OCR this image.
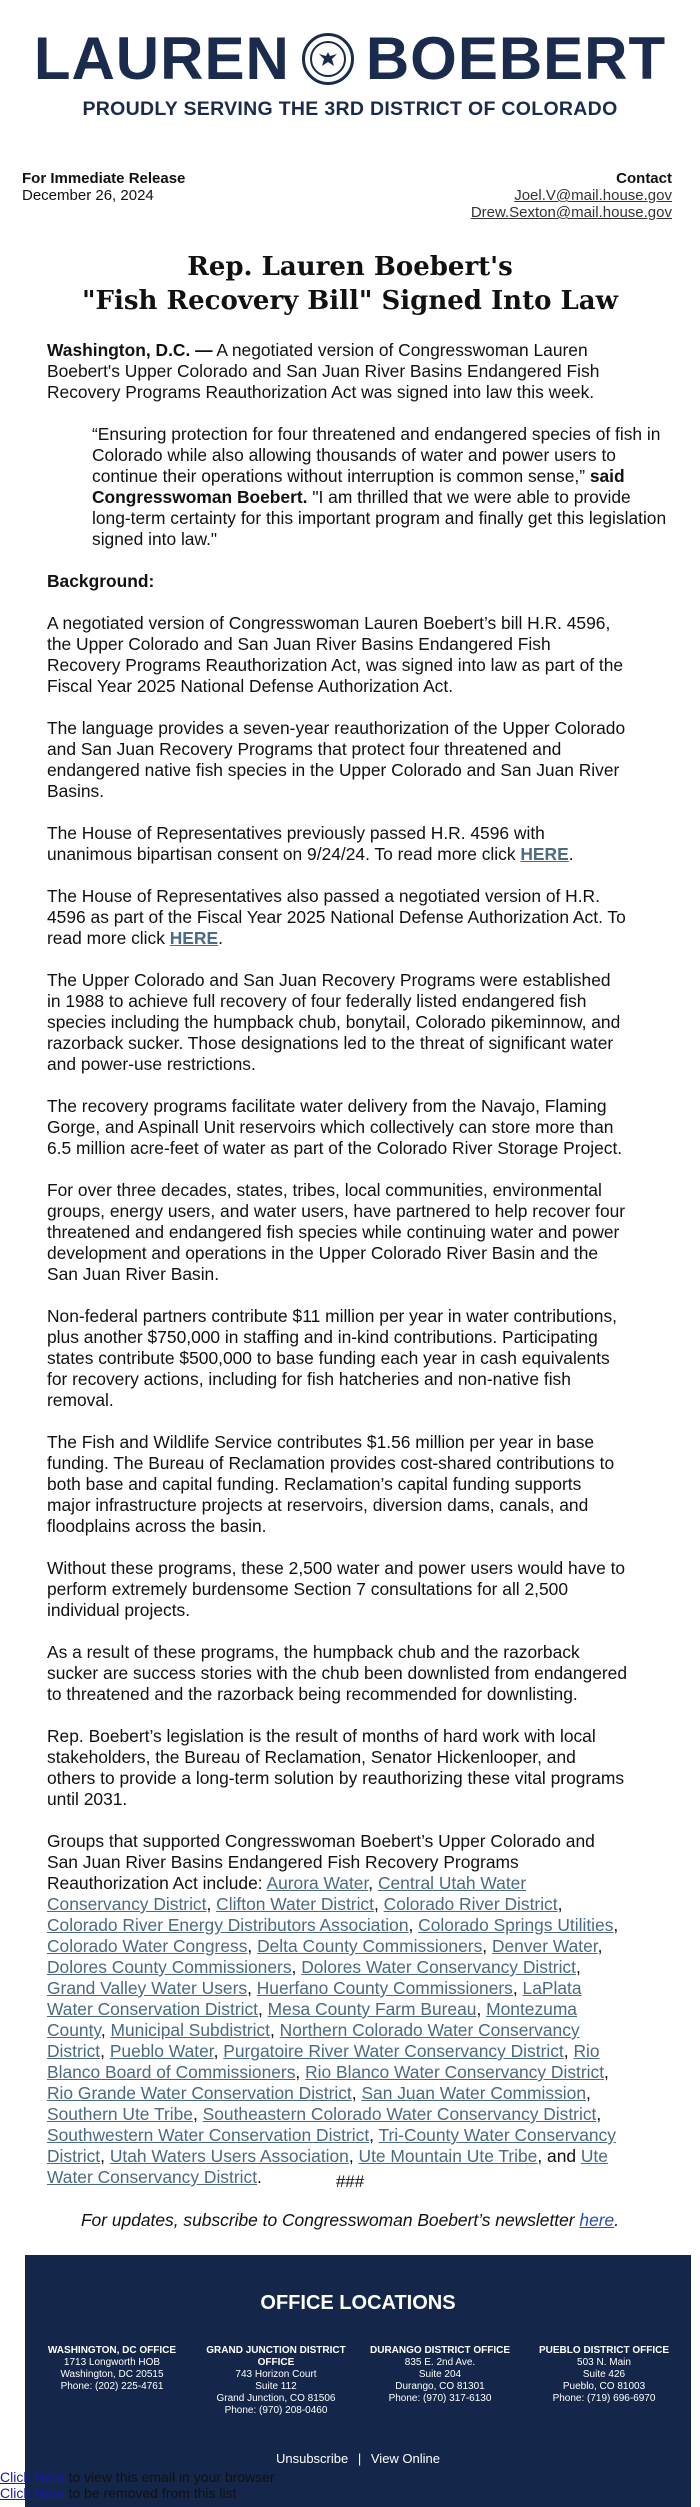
LAUREN BOEBERT
PROUDLY SERVING THE 3RD DISTRICT OF COLORADO
For Immediate Release
December 26, 2024
Contact
Joel.V@mail.house.gov
Drew.Sexton@mail.house.gov
Rep. Lauren Boebert's
"Fish Recovery Bill" Signed Into Law

Washington, D.C. — A negotiated version of Congresswoman Lauren Boebert's Upper Colorado and San Juan River Basins Endangered Fish Recovery Programs Reauthorization Act was signed into law this week.

“Ensuring protection for four threatened and endangered species of fish in Colorado while also allowing thousands of water and power users to continue their operations without interruption is common sense,” said Congresswoman Boebert. "I am thrilled that we were able to provide long-term certainty for this important program and finally get this legislation signed into law."

Background:

A negotiated version of Congresswoman Lauren Boebert’s bill H.R. 4596, the Upper Colorado and San Juan River Basins Endangered Fish Recovery Programs Reauthorization Act, was signed into law as part of the Fiscal Year 2025 National Defense Authorization Act.

The language provides a seven-year reauthorization of the Upper Colorado and San Juan Recovery Programs that protect four threatened and endangered native fish species in the Upper Colorado and San Juan River Basins.

The House of Representatives previously passed H.R. 4596 with unanimous bipartisan consent on 9/24/24. To read more click HERE.

The House of Representatives also passed a negotiated version of H.R. 4596 as part of the Fiscal Year 2025 National Defense Authorization Act. To read more click HERE.

The Upper Colorado and San Juan Recovery Programs were established in 1988 to achieve full recovery of four federally listed endangered fish species including the humpback chub, bonytail, Colorado pikeminnow, and razorback sucker. Those designations led to the threat of significant water and power-use restrictions.

The recovery programs facilitate water delivery from the Navajo, Flaming Gorge, and Aspinall Unit reservoirs which collectively can store more than 6.5 million acre-feet of water as part of the Colorado River Storage Project.

For over three decades, states, tribes, local communities, environmental groups, energy users, and water users, have partnered to help recover four threatened and endangered fish species while continuing water and power development and operations in the Upper Colorado River Basin and the San Juan River Basin.

Non-federal partners contribute $11 million per year in water contributions, plus another $750,000 in staffing and in-kind contributions. Participating states contribute $500,000 to base funding each year in cash equivalents for recovery actions, including for fish hatcheries and non-native fish removal.

The Fish and Wildlife Service contributes $1.56 million per year in base funding. The Bureau of Reclamation provides cost-shared contributions to both base and capital funding. Reclamation’s capital funding supports major infrastructure projects at reservoirs, diversion dams, canals, and floodplains across the basin.

Without these programs, these 2,500 water and power users would have to perform extremely burdensome Section 7 consultations for all 2,500 individual projects.

As a result of these programs, the humpback chub and the razorback sucker are success stories with the chub been downlisted from endangered to threatened and the razorback being recommended for downlisting.

Rep. Boebert’s legislation is the result of months of hard work with local stakeholders, the Bureau of Reclamation, Senator Hickenlooper, and others to provide a long-term solution by reauthorizing these vital programs until 2031.

Groups that supported Congresswoman Boebert’s Upper Colorado and San Juan River Basins Endangered Fish Recovery Programs Reauthorization Act include: Aurora Water, Central Utah Water Conservancy District, Clifton Water District, Colorado River District, Colorado River Energy Distributors Association, Colorado Springs Utilities, Colorado Water Congress, Delta County Commissioners, Denver Water, Dolores County Commissioners, Dolores Water Conservancy District, Grand Valley Water Users, Huerfano County Commissioners, LaPlata Water Conservation District, Mesa County Farm Bureau, Montezuma County, Municipal Subdistrict, Northern Colorado Water Conservancy District, Pueblo Water, Purgatoire River Water Conservancy District, Rio Blanco Board of Commissioners, Rio Blanco Water Conservancy District, Rio Grande Water Conservation District, San Juan Water Commission, Southern Ute Tribe, Southeastern Colorado Water Conservancy District, Southwestern Water Conservation District, Tri-County Water Conservancy District, Utah Waters Users Association, Ute Mountain Ute Tribe, and Ute Water Conservancy District.	###
For updates, subscribe to Congresswoman Boebert’s newsletter here.
OFFICE LOCATIONS
WASHINGTON, DC OFFICE
1713 Longworth HOB
Washington, DC 20515
Phone: (202) 225-4761
GRAND JUNCTION DISTRICT OFFICE
743 Horizon Court
Suite 112
Grand Junction, CO 81506
Phone: (970) 208-0460
DURANGO DISTRICT OFFICE
835 E. 2nd Ave.
Suite 204
Durango, CO 81301
Phone: (970) 317-6130
PUEBLO DISTRICT OFFICE
503 N. Main
Suite 426
Pueblo, CO 81003
Phone: (719) 696-6970
Unsubscribe | View Online
Click Here to view this email in your browser
Click Here to be removed from this list
